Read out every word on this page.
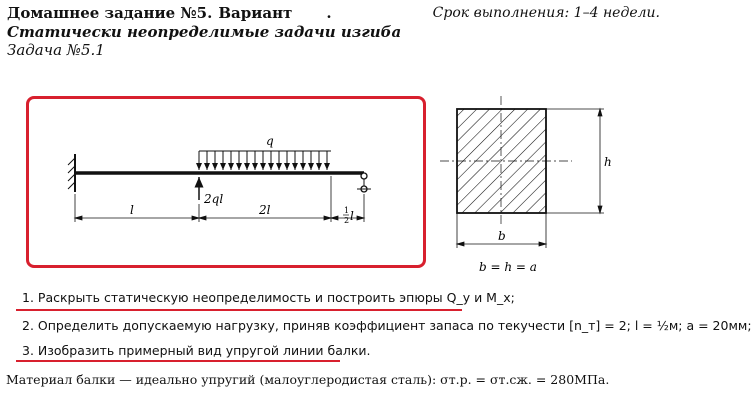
Домашнее задание №5. Вариант .	Срок выполнения: 1–4 недели.
Статически неопределимые задачи изгиба
Задача №5.1
q
2ql
l	2l	1
2 l
h
b
b = h = a
1. Раскрыть статическую неопределимость и построить эпюры Q_y и M_x;
2. Определить допускаемую нагрузку, приняв коэффициент запаса по текучести [n_т] = 2; l = ½м; a = 20мм;
3. Изобразить примерный вид упругой линии балки.
Материал балки — идеально упругий (малоуглеродистая сталь): σт.р. = σт.сж. = 280МПа.
